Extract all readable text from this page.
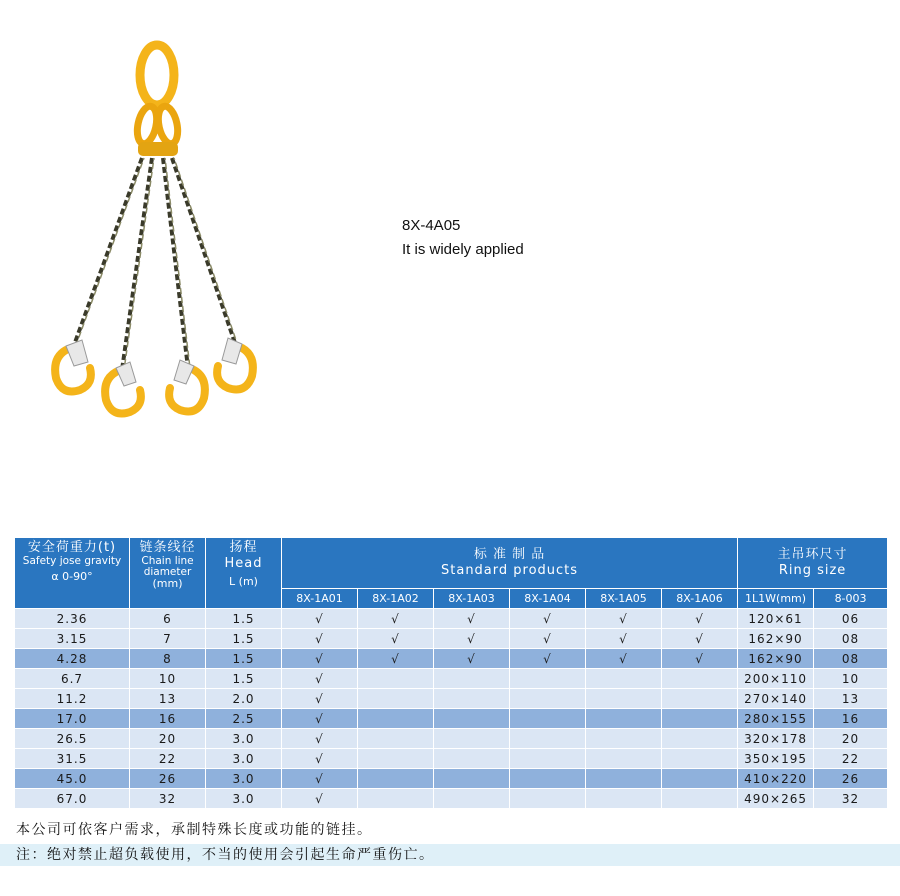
8X-4A05
It is widely applied
安全荷重力(t)
Safety jose gravity
α 0-90°	链条线径
Chain line
diameter
(mm)	扬程
Head
L (m)	标 准 制 品
Standard products						主吊环尺寸
Ring size	

			8X-1A01	8X-1A02	8X-1A03	8X-1A04	8X-1A05	8X-1A06	1L1W(mm)	8-003
2.36	6	1.5	√	√	√	√	√	√	120×61	06
3.15	7	1.5	√	√	√	√	√	√	162×90	08
4.28	8	1.5	√	√	√	√	√	√	162×90	08
6.7	10	1.5	√						200×110	10
11.2	13	2.0	√						270×140	13
17.0	16	2.5	√						280×155	16
26.5	20	3.0	√						320×178	20
31.5	22	3.0	√						350×195	22
45.0	26	3.0	√						410×220	26
67.0	32	3.0	√						490×265	32
本公司可依客户需求，承制特殊长度或功能的链挂。
注：绝对禁止超负载使用，不当的使用会引起生命严重伤亡。
